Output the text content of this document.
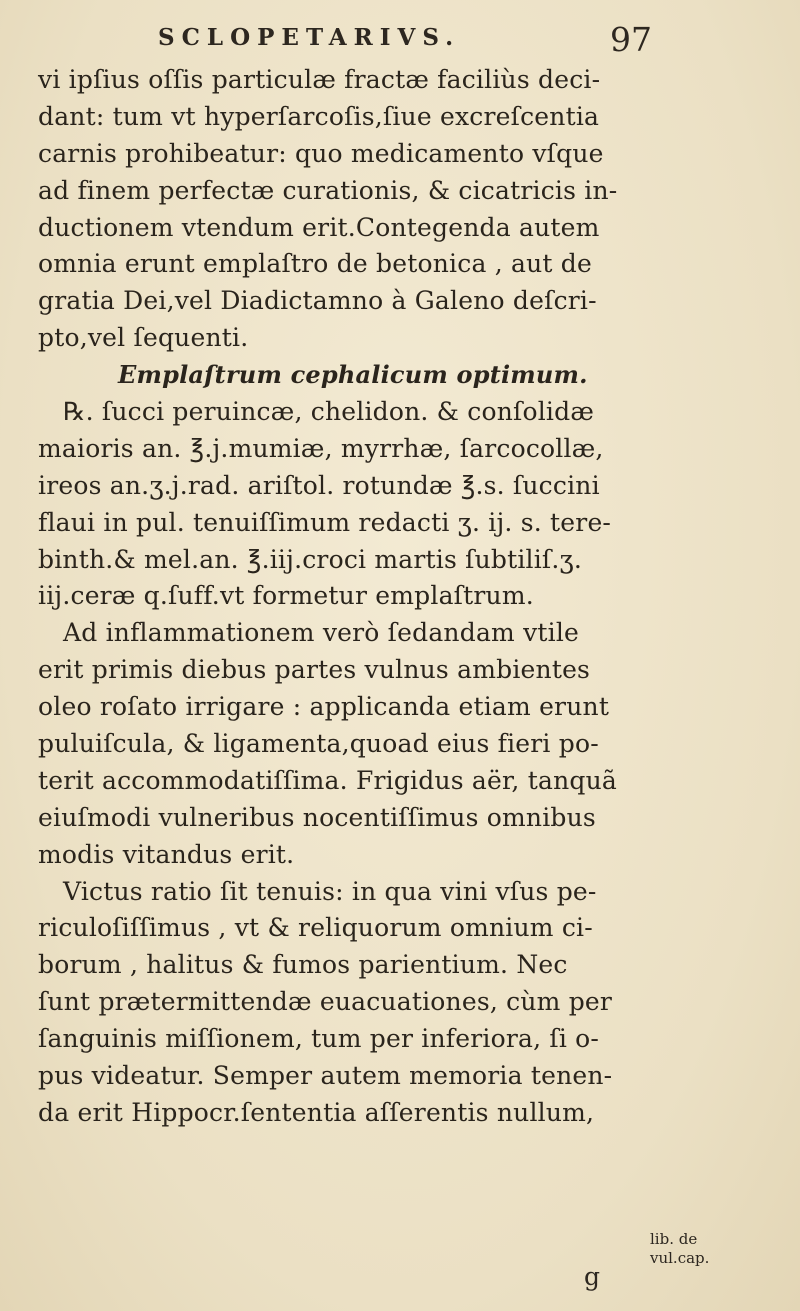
SCLOPETARIVS.	97
vi ipſius oſſis particulæ fractæ faciliùs deci-
dant: tum vt hyperſarcoſis,ſiue excreſcentia
carnis prohibeatur: quo medicamento vſque
ad finem perfectæ curationis, & cicatricis in-
ductionem vtendum erit.Contegenda autem
omnia erunt emplaſtro de betonica , aut de
gratia Dei,vel Diadictamno à Galeno deſcri-
pto,vel ſequenti.
Emplaſtrum cephalicum optimum.
℞. ſucci peruincæ, chelidon. & conſolidæ
maioris an. ℥.j.mumiæ, myrrhæ, ſarcocollæ,
ireos an.ʒ.j.rad. ariſtol. rotundæ ℥.s. ſuccini
flaui in pul. tenuiſſimum redacti ʒ. ij. s. tere-
binth.& mel.an. ℥.iij.croci martis ſubtiliſ.ʒ.
iij.ceræ q.ſuff.vt formetur emplaſtrum.
Ad inflammationem verò ſedandam vtile
erit primis diebus partes vulnus ambientes
oleo roſato irrigare : applicanda etiam erunt
puluiſcula, & ligamenta,quoad eius fieri po-
terit accommodatiſſima. Frigidus aër, tanquã
eiuſmodi vulneribus nocentiſſimus omnibus
modis vitandus erit.
Victus ratio ſit tenuis: in qua vini vſus pe-
riculoſiſſimus , vt & reliquorum omnium ci-
borum , halitus & fumos parientium. Nec
ſunt prætermittendæ euacuationes, cùm per
ſanguinis miſſionem, tum per inferiora, ſi o-
pus videatur. Semper autem memoria tenen-
da erit Hippocr.ſententia aſſerentis nullum,
lib. de
vul.cap.
g
